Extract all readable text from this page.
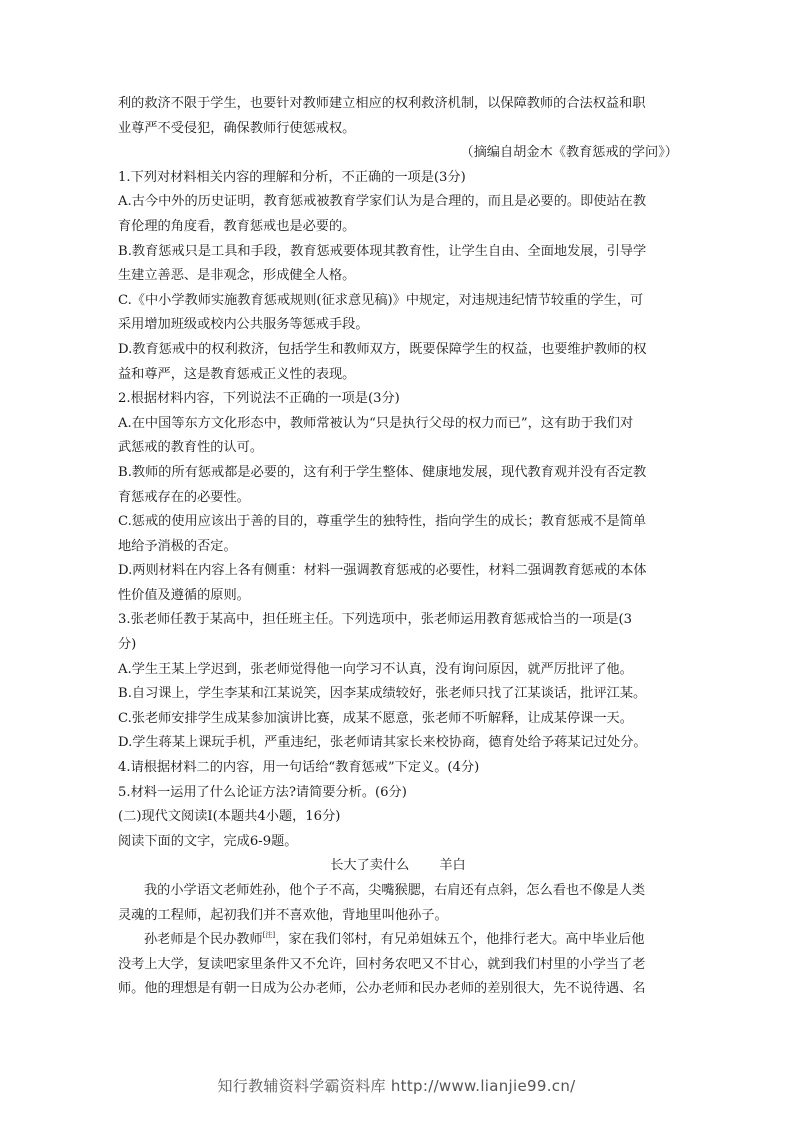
利的救济不限于学生，也要针对教师建立相应的权利救济机制，以保障教师的合法权益和职
业尊严不受侵犯，确保教师行使惩戒权。
（摘编自胡金木《教育惩戒的学问》）
1.下列对材料相关内容的理解和分析，不正确的一项是(3分)
A.古今中外的历史证明，教育惩戒被教育学家们认为是合理的，而且是必要的。即使站在教
育伦理的角度看，教育惩戒也是必要的。
B.教育惩戒只是工具和手段，教育惩戒要体现其教育性，让学生自由、全面地发展，引导学
生建立善恶、是非观念，形成健全人格。
C.《中小学教师实施教育惩戒规则(征求意见稿)》中规定，对违规违纪情节较重的学生，可
采用增加班级或校内公共服务等惩戒手段。
D.教育惩戒中的权利救济，包括学生和教师双方，既要保障学生的权益，也要维护教师的权
益和尊严，这是教育惩戒正义性的表现。
2.根据材料内容，下列说法不正确的一项是(3分)
A.在中国等东方文化形态中，教师常被认为“只是执行父母的权力而已”，这有助于我们对
武惩戒的教育性的认可。
B.教师的所有惩戒都是必要的，这有利于学生整体、健康地发展，现代教育观并没有否定教
育惩戒存在的必要性。
C.惩戒的使用应该出于善的目的，尊重学生的独特性，指向学生的成长；教育惩戒不是简单
地给予消极的否定。
D.两则材料在内容上各有侧重：材料一强调教育惩戒的必要性，材料二强调教育惩戒的本体
性价值及遵循的原则。
3.张老师任教于某高中，担任班主任。下列选项中，张老师运用教育惩戒恰当的一项是(3
分)
A.学生王某上学迟到，张老师觉得他一向学习不认真，没有询问原因，就严厉批评了他。
B.自习课上，学生李某和江某说笑，因李某成绩较好，张老师只找了江某谈话，批评江某。
C.张老师安排学生成某参加演讲比赛，成某不愿意，张老师不听解释，让成某停课一天。
D.学生蒋某上课玩手机，严重违纪，张老师请其家长来校协商，德育处给予蒋某记过处分。
4.请根据材料二的内容，用一句话给“教育惩戒”下定义。(4分)
5.材料一运用了什么论证方法?请简要分析。(6分)
(二)现代文阅读Ⅰ(本题共4小题，16分)
阅读下面的文字，完成6-9题。
长大了卖什么 羊白
我的小学语文老师姓孙，他个子不高，尖嘴猴腮，右肩还有点斜，怎么看也不像是人类
灵魂的工程师，起初我们并不喜欢他，背地里叫他孙子。
孙老师是个民办教师[注]，家在我们邻村，有兄弟姐妹五个，他排行老大。高中毕业后他
没考上大学，复读吧家里条件又不允许，回村务农吧又不甘心，就到我们村里的小学当了老
师。他的理想是有朝一日成为公办老师，公办老师和民办老师的差别很大，先不说待遇、名
知行教辅资料学霸资料库 http://www.lianjie99.cn/
